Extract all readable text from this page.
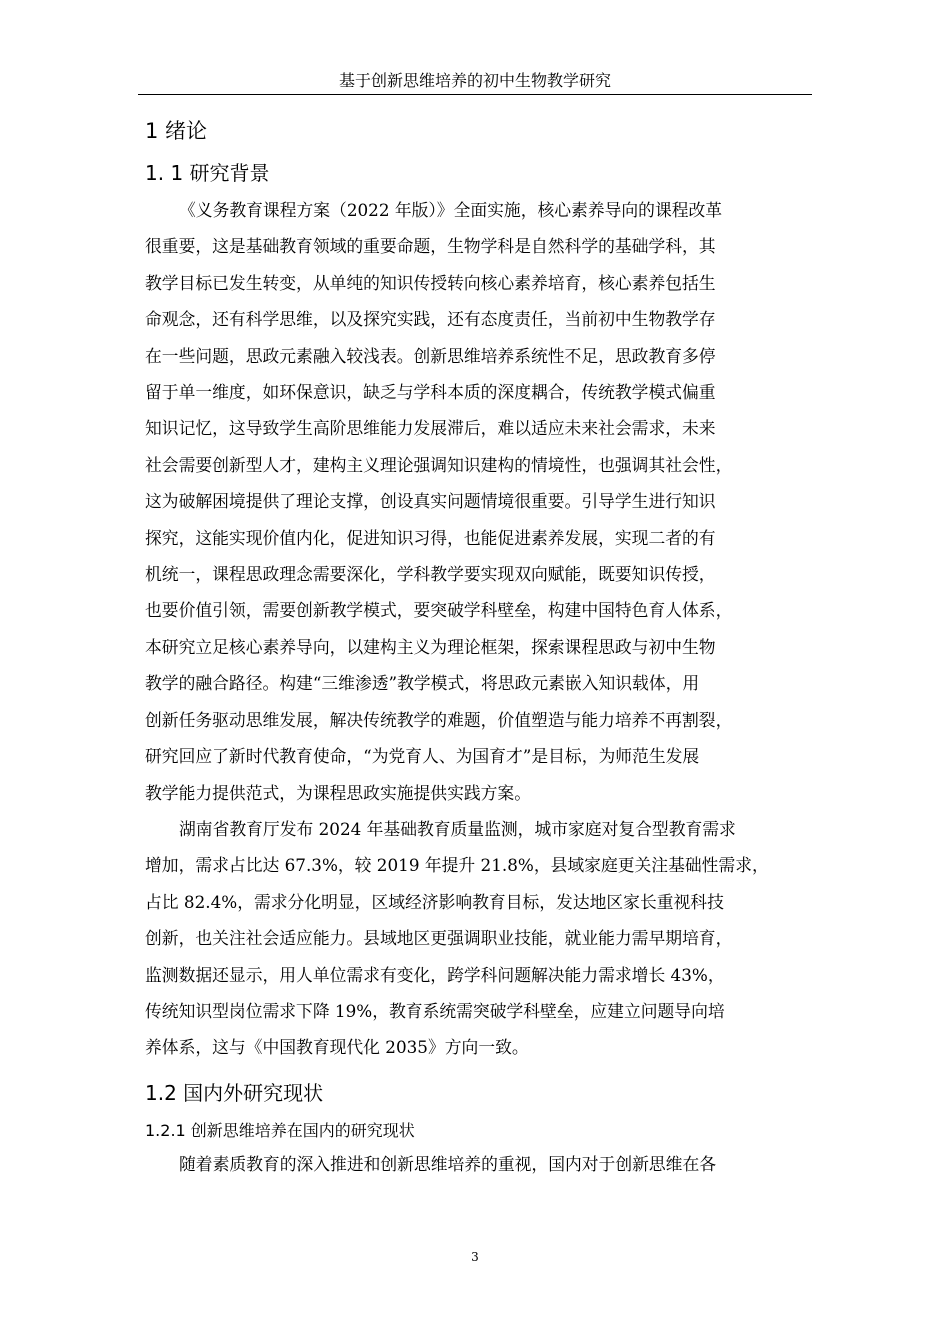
基于创新思维培养的初中生物教学研究
1 绪论
1. 1 研究背景

《义务教育课程方案（2022 年版）》全面实施，核心素养导向的课程改革

很重要，这是基础教育领域的重要命题，生物学科是自然科学的基础学科，其

教学目标已发生转变，从单纯的知识传授转向核心素养培育，核心素养包括生

命观念，还有科学思维，以及探究实践，还有态度责任，当前初中生物教学存

在一些问题，思政元素融入较浅表。创新思维培养系统性不足，思政教育多停

留于单一维度，如环保意识，缺乏与学科本质的深度耦合，传统教学模式偏重

知识记忆，这导致学生高阶思维能力发展滞后，难以适应未来社会需求，未来

社会需要创新型人才，建构主义理论强调知识建构的情境性，也强调其社会性，

这为破解困境提供了理论支撑，创设真实问题情境很重要。引导学生进行知识

探究，这能实现价值内化，促进知识习得，也能促进素养发展，实现二者的有

机统一，课程思政理念需要深化，学科教学要实现双向赋能，既要知识传授，

也要价值引领，需要创新教学模式，要突破学科壁垒，构建中国特色育人体系，

本研究立足核心素养导向，以建构主义为理论框架，探索课程思政与初中生物

教学的融合路径。构建“三维渗透”教学模式，将思政元素嵌入知识载体，用

创新任务驱动思维发展，解决传统教学的难题，价值塑造与能力培养不再割裂，

研究回应了新时代教育使命，“为党育人、为国育才”是目标，为师范生发展

教学能力提供范式，为课程思政实施提供实践方案。

湖南省教育厅发布 2024 年基础教育质量监测，城市家庭对复合型教育需求

增加，需求占比达 67.3%，较 2019 年提升 21.8%，县域家庭更关注基础性需求，

占比 82.4%，需求分化明显，区域经济影响教育目标，发达地区家长重视科技

创新，也关注社会适应能力。县域地区更强调职业技能，就业能力需早期培育，

监测数据还显示，用人单位需求有变化，跨学科问题解决能力需求增长 43%，

传统知识型岗位需求下降 19%，教育系统需突破学科壁垒，应建立问题导向培

养体系，这与《中国教育现代化 2035》方向一致。

1.2 国内外研究现状
1.2.1 创新思维培养在国内的研究现状

随着素质教育的深入推进和创新思维培养的重视，国内对于创新思维在各

3
